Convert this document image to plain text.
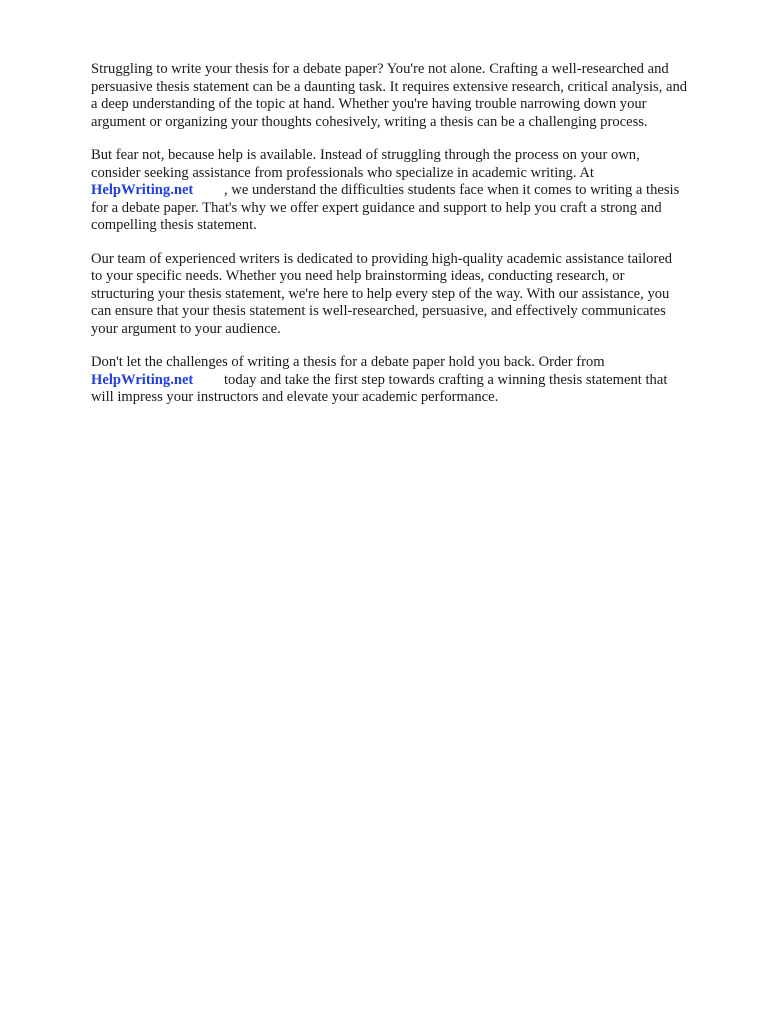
Struggling to write your thesis for a debate paper? You're not alone. Crafting a well-researched and
persuasive thesis statement can be a daunting task. It requires extensive research, critical analysis, and
a deep understanding of the topic at hand. Whether you're having trouble narrowing down your
argument or organizing your thoughts cohesively, writing a thesis can be a challenging process.

But fear not, because help is available. Instead of struggling through the process on your own,
consider seeking assistance from professionals who specialize in academic writing. At
HelpWriting.net , we understand the difficulties students face when it comes to writing a thesis
for a debate paper. That's why we offer expert guidance and support to help you craft a strong and
compelling thesis statement.

Our team of experienced writers is dedicated to providing high-quality academic assistance tailored
to your specific needs. Whether you need help brainstorming ideas, conducting research, or
structuring your thesis statement, we're here to help every step of the way. With our assistance, you
can ensure that your thesis statement is well-researched, persuasive, and effectively communicates
your argument to your audience.

Don't let the challenges of writing a thesis for a debate paper hold you back. Order from
HelpWriting.net today and take the first step towards crafting a winning thesis statement that
will impress your instructors and elevate your academic performance.
